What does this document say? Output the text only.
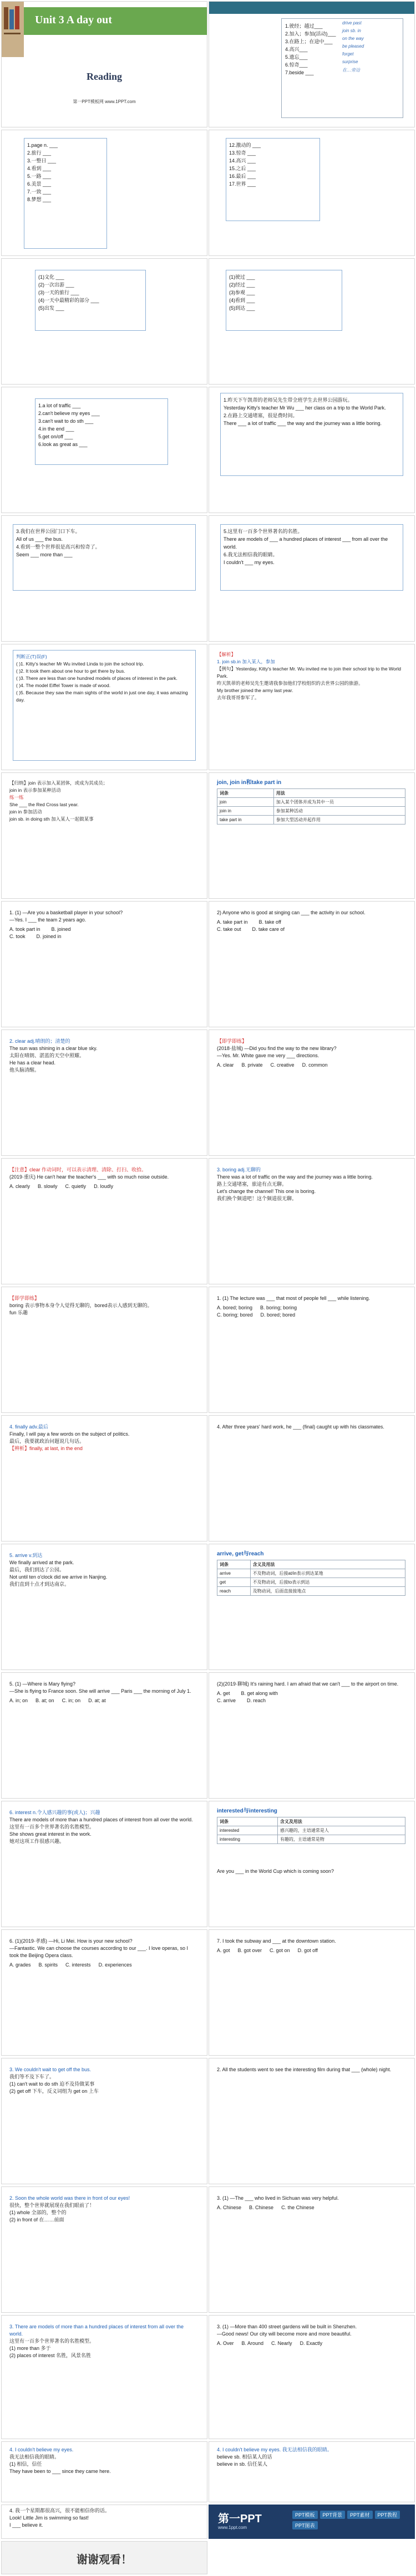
Unit 3 A day out
Reading
第一PPT模板网 www.1PPT.com
1.驶经；越过___
2.加入；参加(活动)___
3.在路上；在途中___
4.高兴___
5.遗忘___
6.惊奇___
7.beside ___
drive past
join sb. in
on the way
be pleased
forget
surprise
在…旁边
1.page n. ___
2.旅行 ___
3.一整日 ___
4.看到 ___
5.一路 ___
6.美景 ___
7.一致 ___
8.梦想 ___
12.激动的 ___
13.惊奇 ___
14.高兴 ___
15.之后 ___
16.最后 ___
17.世界 ___
(1)文化 ___
(2)一次出游 ___
(3)一天的旅行 ___
(4)一天中最精彩的部分 ___
(5)出发 ___
(1)驶过 ___
(2)经过 ___
(3)参观 ___
(4)看到 ___
(5)到达 ___
1.a lot of traffic ___
2.can't believe my eyes ___
3.can't wait to do sth ___
4.in the end ___
5.get on/off ___
6.look as great as ___
1.昨天下午凯蒂的老师吴先生带全班学生去世界公园游玩。
Yesterday Kitty's teacher Mr Wu ___ her class on a trip to the World Park.
2.在路上交通堵塞，很是费时间。
There ___ a lot of traffic ___ the way and the journey was a little boring.
3.我们在世界公园门口下车。
All of us ___ the bus.
4.看到一整个世界很是高兴和惊奇了。
Seem ___ more than ___
5.这里有一百多个世界著名的名胜。
There are models of ___ a hundred places of interest ___ from all over the world.
6.我无法相信我的眼睛。
I couldn't ___ my eyes.
判断正(T)误(F)
( )1. Kitty's teacher Mr Wu invited Linda to join the school trip.
( )2. It took them about one hour to get there by bus.
( )3. There are less than one hundred models of places of interest in the park.
( )4. The model Eiffel Tower is made of wood.
( )5. Because they saw the main sights of the world in just one day, it was amazing day.
【解析】
1. join sb.in 加入某人，参加
【例句】Yesterday, Kitty's teacher Mr. Wu invited me to join their school trip to the World Park.
昨天凯蒂的老师吴先生邀请我参加他们学校组织的去世界公园的旅游。
My brother joined the army last year.
去年我哥哥参军了。
【归纳】join 表示加入某团体，或成为其成员；
join in 表示参加某种活动
练一练
She ___ the Red Cross last year.
join in 参加活动
join sb. in doing sth 加入某人一起做某事
join, join in和take part in
词条	用法
join	加入某个团体并成为其中一员
join in	参加某种活动
take part in	参加大型活动并起作用
1. (1) —Are you a basketball player in your school?
—Yes. I ___ the team 2 years ago.
A. took part in B. joined
C. took D. joined in
2) Anyone who is good at singing can ___ the activity in our school.
A. take part in B. take off
C. take out D. take care of
2. clear adj.晴朗的；清楚的
The sun was shining in a clear blue sky.
太阳在晴朗、湛蓝的天空中照耀。
He has a clear head.
他头脑清醒。
【即学即练】
(2018·盐城) —Did you find the way to the new library?
—Yes. Mr. White gave me very ___ directions.
A. clear B. private C. creative D. common
【注意】clear 作动词时，可以表示清理、清除、打扫、收拾。
(2019·重庆) He can't hear the teacher's ___ with so much noise outside.
A. clearly B. slowly C. quietly D. loudly
3. boring adj.无聊的
There was a lot of traffic on the way and the journey was a little boring.
路上交通堵塞，旅途有点无聊。
Let's change the channel! This one is boring.
我们换个频道吧！这个频道很无聊。
【即学即练】
boring 表示事物本身令人觉得无聊的，bored表示人感到无聊的。
fun 乐趣
1. (1) The lecture was ___ that most of people fell ___ while listening.
A. bored; boring B. boring; boring
C. boring; bored D. bored; bored
4. finally adv.最后
Finally, I will pay a few words on the subject of politics.
最后，我要就政治问题说几句话。
【辨析】finally, at last, in the end
4. After three years' hard work, he ___ (final) caught up with his classmates.
5. arrive v.到达
We finally arrived at the park.
最后，我们到达了公园。
Not until ten o'clock did we arrive in Nanjing.
我们直到十点才到达南京。
arrive, get与reach
词条	含义及用法
arrive	不及物动词，后接at/in表示到达某地
get	不及物动词，后接to表示到达
reach	及物动词，后面直接接地点
5. (1) —Where is Mary flying?
—She is flying to France soon. She will arrive ___ Paris ___ the morning of July 1.
A. in; on B. at; on C. in; on D. at; at
(2)(2019·聊城) It's raining hard. I am afraid that we can't ___ to the airport on time.
A. get B. get along with
C. arrive D. reach
6. interest n.令人感兴趣的事(或人)；兴趣
There are models of more than a hundred places of interest from all over the world.
这里有一百多个世界著名的名胜模型。
She shows great interest in the work.
她对这项工作很感兴趣。
interested与interesting
词条	含义及用法
interested	感兴趣的，主语通常是人
interesting	有趣的，主语通常是物
Are you ___ in the World Cup which is coming soon?
6. (1)(2019·孝感) —Hi, Li Mei. How is your new school?
—Fantastic. We can choose the courses according to our ___. I love operas, so I took the Beijing Opera class.
A. grades B. spirits C. interests D. experiences
7. I took the subway and ___ at the downtown station.
A. got B. got over C. got on D. got off
3. We couldn't wait to get off the bus.
我们等不及下车了。
(1) can't wait to do sth 迫不及待做某事
(2) get off 下车，反义词组为 get on 上车
2. All the students went to see the interesting film during that ___ (whole) night.
2. Soon the whole world was there in front of our eyes!
很快，整个世界就展现在我们眼前了！
(1) whole 全部的，整个的
(2) in front of 在……前面
3. (1) —The ___ who lived in Sichuan was very helpful.
A. Chinese B. Chinese C. the Chinese
3. There are models of more than a hundred places of interest from all over the world.
这里有一百多个世界著名的名胜模型。
(1) more than 多于
(2) places of interest 名胜，风景名胜
3. (1) —More than 400 street gardens will be built in Shenzhen.
—Good news! Our city will become more and more beautiful.
A. Over B. Around C. Nearly D. Exactly
4. I couldn't believe my eyes.
我无法相信我的眼睛。
(1) 相信，信任
They have been to ___ since they came here.
4. I couldn't believe my eyes. 我无法相信我的眼睛。
believe sb. 相信某人的话
believe in sb. 信任某人
4. 我一个星期都很高兴，很不能相信你的话。
Look! Little Jim is swimming so fast!
I ___ believe it.	第一PPT
www.1ppt.com
PPT模板	PPT背景	PPT素材	PPT教程
PPT图表
谢谢观看！
